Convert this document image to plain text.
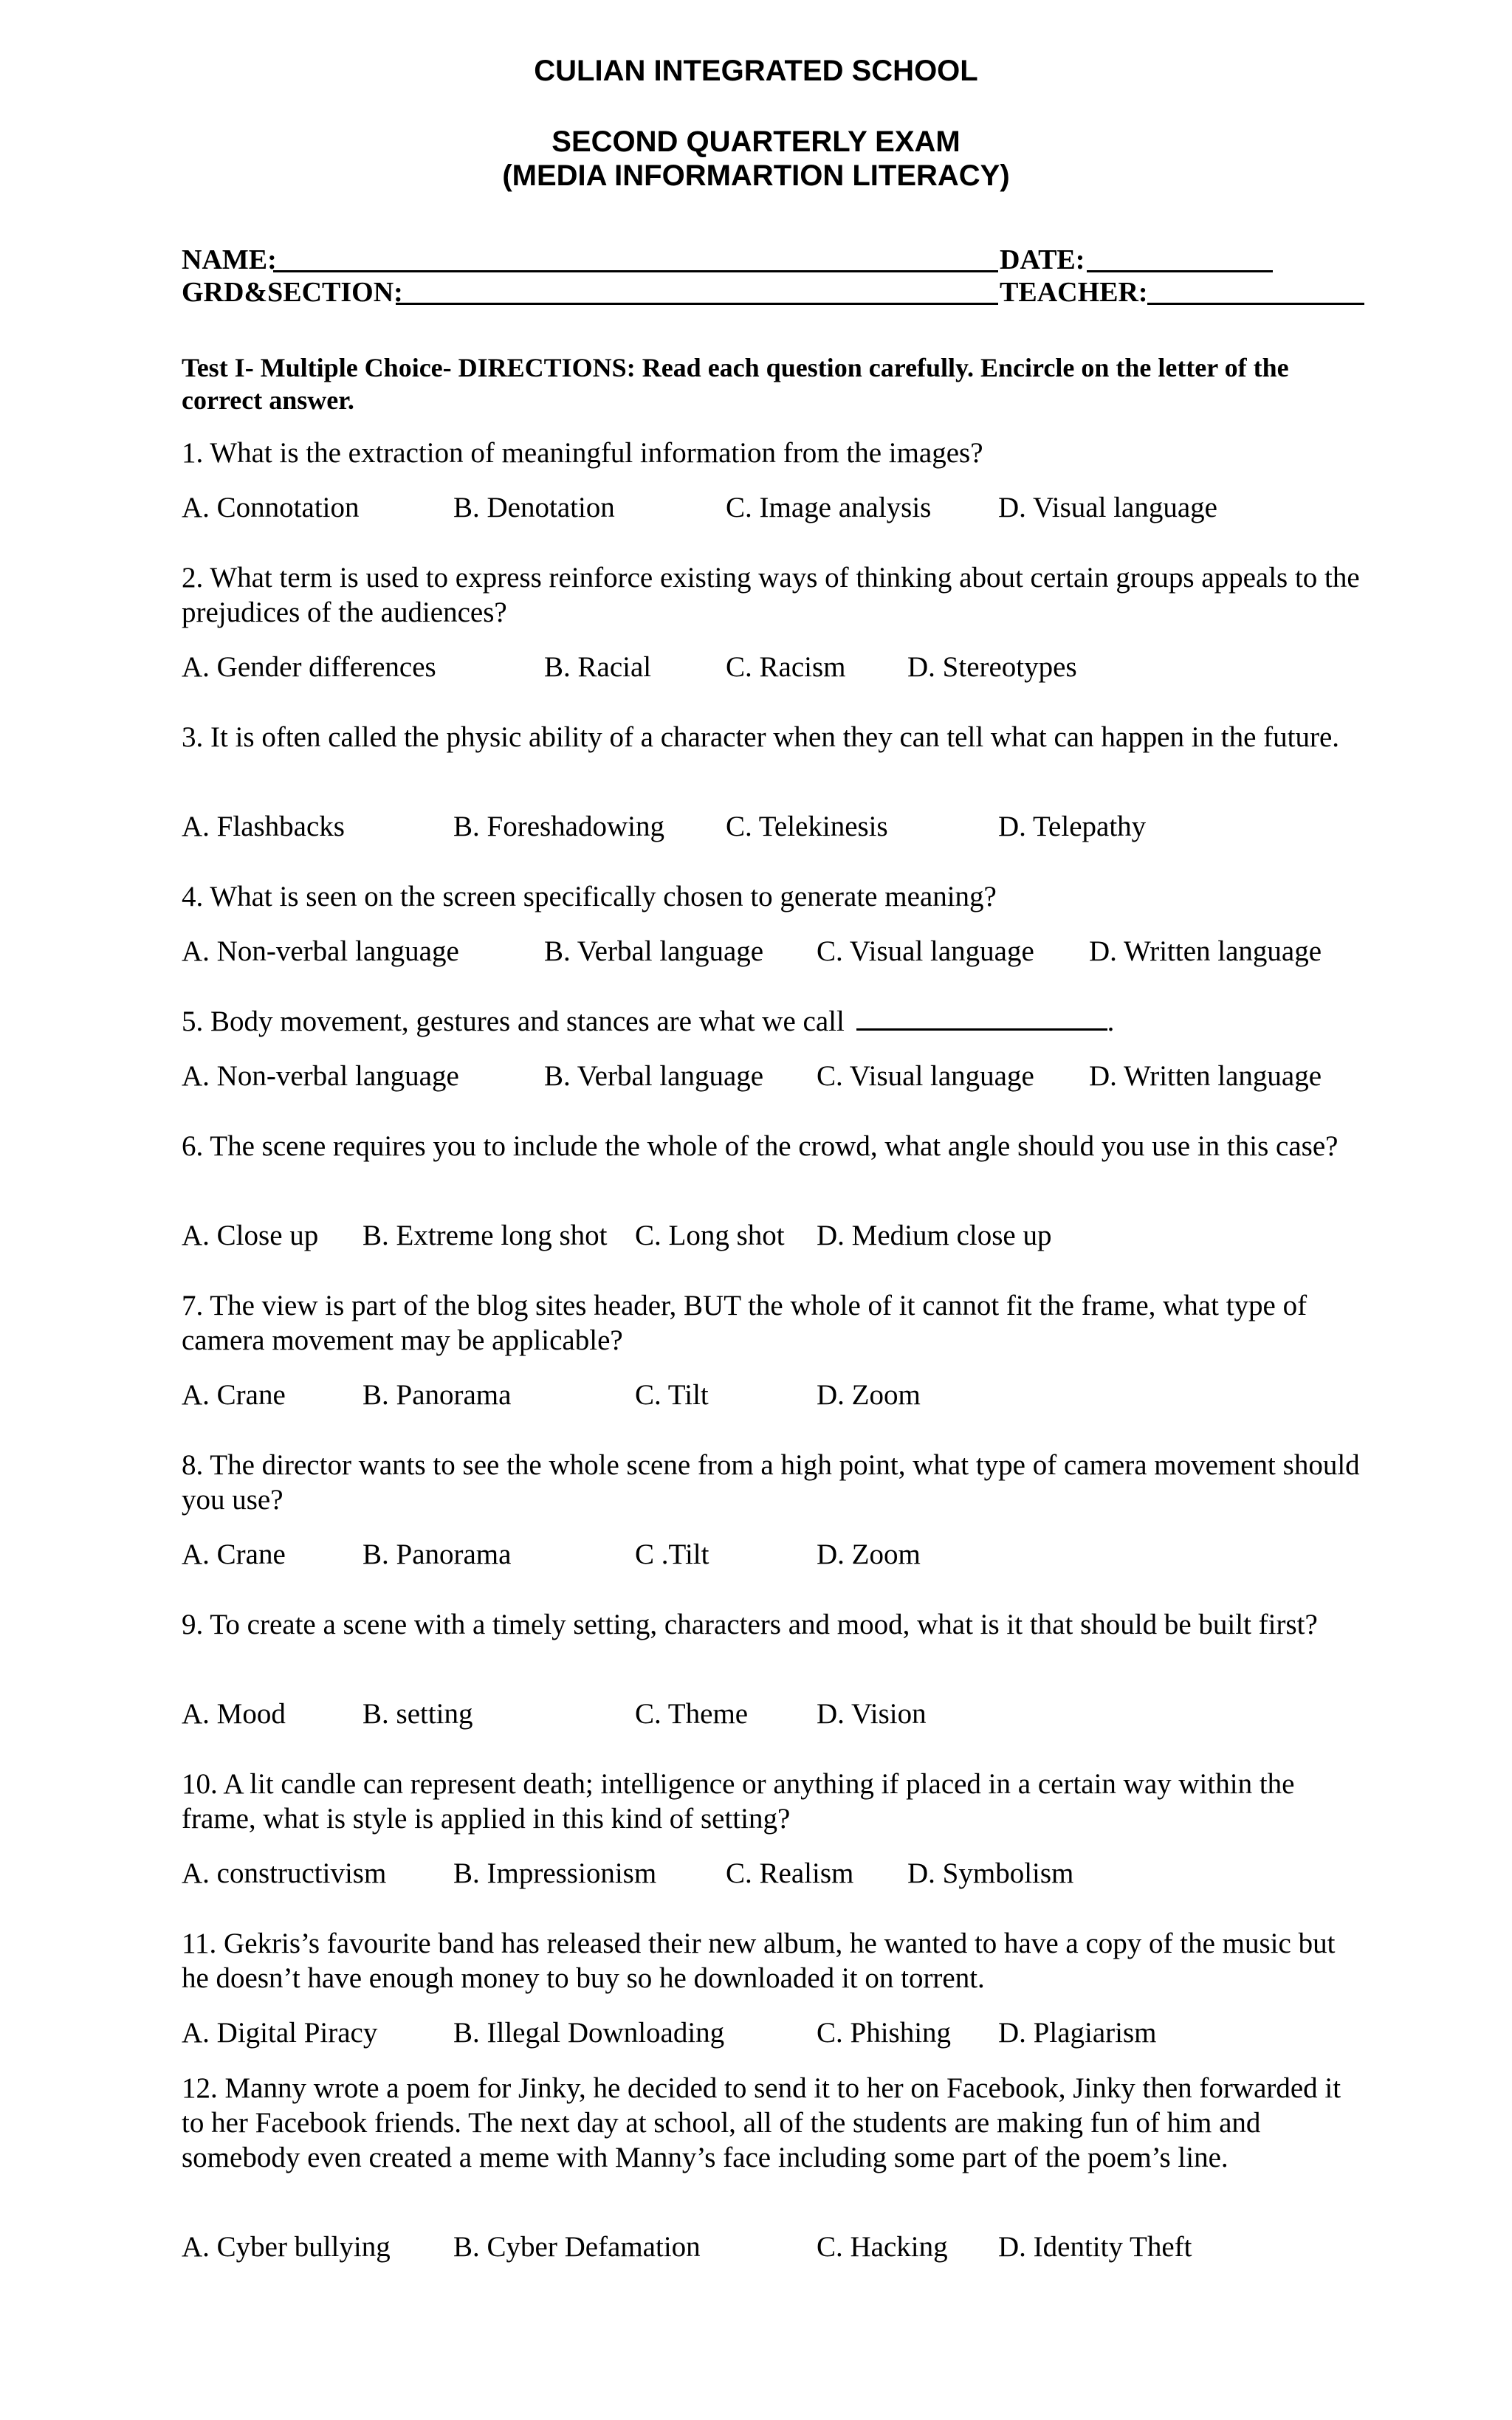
CULIAN INTEGRATED SCHOOL
SECOND QUARTERLY EXAM
(MEDIA INFORMARTION LITERACY)
NAME:	DATE:
GRD&SECTION:	TEACHER:
Test I- Multiple Choice- DIRECTIONS: Read each question carefully. Encircle on the letter of the correct answer.
1. What is the extraction of meaningful information from the images?
A. Connotation	B. Denotation	C. Image analysis D. Visual language
2. What term is used to express reinforce existing ways of thinking about certain groups appeals to the prejudices of the audiences?
A. Gender differences	B. Racial	C. Racism D. Stereotypes
3. It is often called the physic ability of a character when they can tell what can happen in the future.
A. Flashbacks	B. Foreshadowing C. Telekinesis	D. Telepathy
4. What is seen on the screen specifically chosen to generate meaning?
A. Non-verbal language	B. Verbal language C. Visual language D. Written language
5. Body movement, gestures and stances are what we call	.
A. Non-verbal language	B. Verbal language C. Visual language D. Written language
6. The scene requires you to include the whole of the crowd, what angle should you use in this case?
A. Close up B. Extreme long shot C. Long shot D. Medium close up
7. The view is part of the blog sites header, BUT the whole of it cannot fit the frame, what type of camera movement may be applicable?
A. Crane	B. Panorama	C. Tilt	D. Zoom
8. The director wants to see the whole scene from a high point, what type of camera movement should you use?
A. Crane	B. Panorama	C .Tilt	D. Zoom
9. To create a scene with a timely setting, characters and mood, what is it that should be built first?
A. Mood	B. setting	C. Theme D. Vision
10. A lit candle can represent death; intelligence or anything if placed in a certain way within the frame, what is style is applied in this kind of setting?
A. constructivism B. Impressionism C. Realism D. Symbolism
11. Gekris’s favourite band has released their new album, he wanted to have a copy of the music but he doesn’t have enough money to buy so he downloaded it on torrent.
A. Digital Piracy	B. Illegal Downloading	C. Phishing D. Plagiarism
12. Manny wrote a poem for Jinky, he decided to send it to her on Facebook, Jinky then forwarded it to her Facebook friends. The next day at school, all of the students are making fun of him and somebody even created a meme with Manny’s face including some part of the poem’s line.
A. Cyber bullying B. Cyber Defamation	C. Hacking D. Identity Theft
